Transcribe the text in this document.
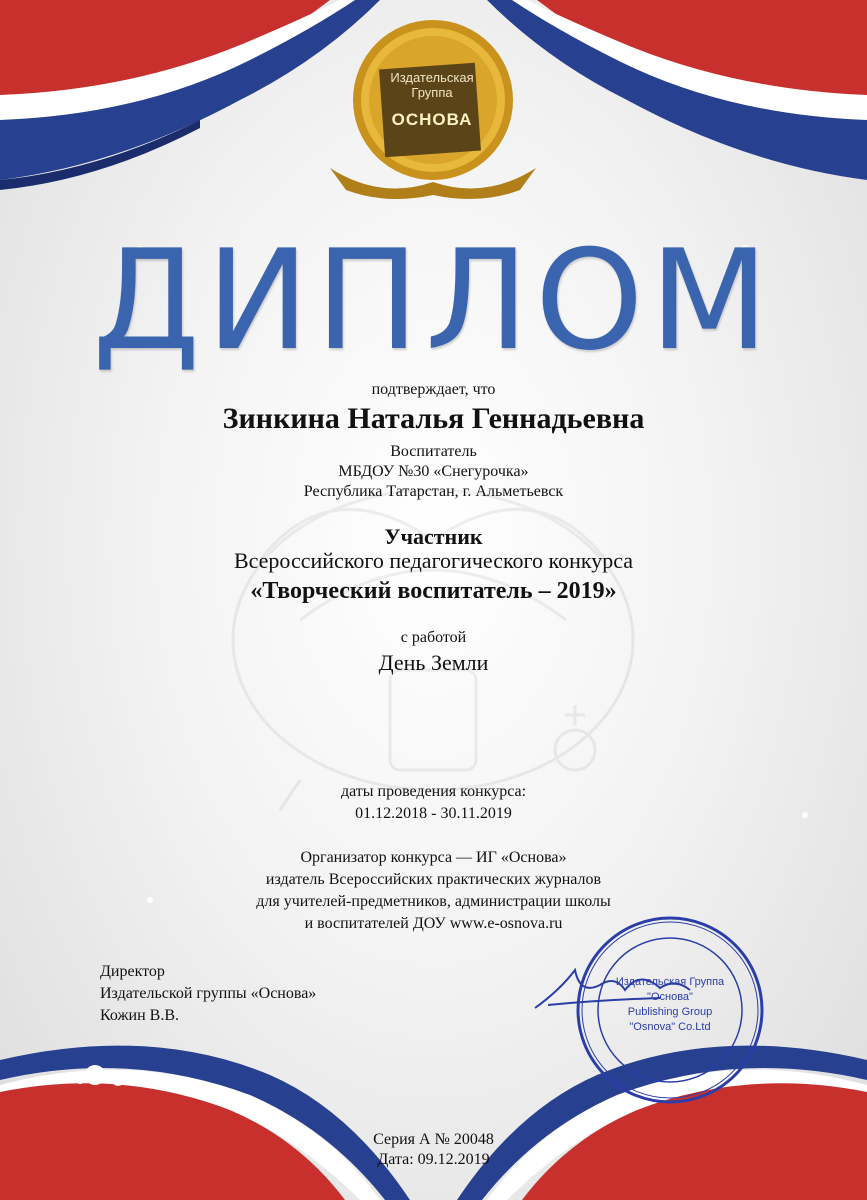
Издательская
Группа
ОСНОВА
ДИПЛОМ
подтверждает, что
Зинкина Наталья Геннадьевна
Воспитатель
МБДОУ №30 «Снегурочка»
Республика Татарстан, г. Альметьевск
Участник
Всероссийского педагогического конкурса
«Творческий воспитатель – 2019»
с работой
День Земли
даты проведения конкурса:
01.12.2018 - 30.11.2019
Организатор конкурса — ИГ «Основа»
издатель Всероссийских практических журналов
для учителей-предметников, администрации школы
и воспитателей ДОУ www.e-osnova.ru
Директор
Издательской группы «Основа»
Кожин В.В.
Издательская Группа
"Основа"
Publishing Group
"Osnova" Co.Ltd
Серия А № 20048
Дата: 09.12.2019
